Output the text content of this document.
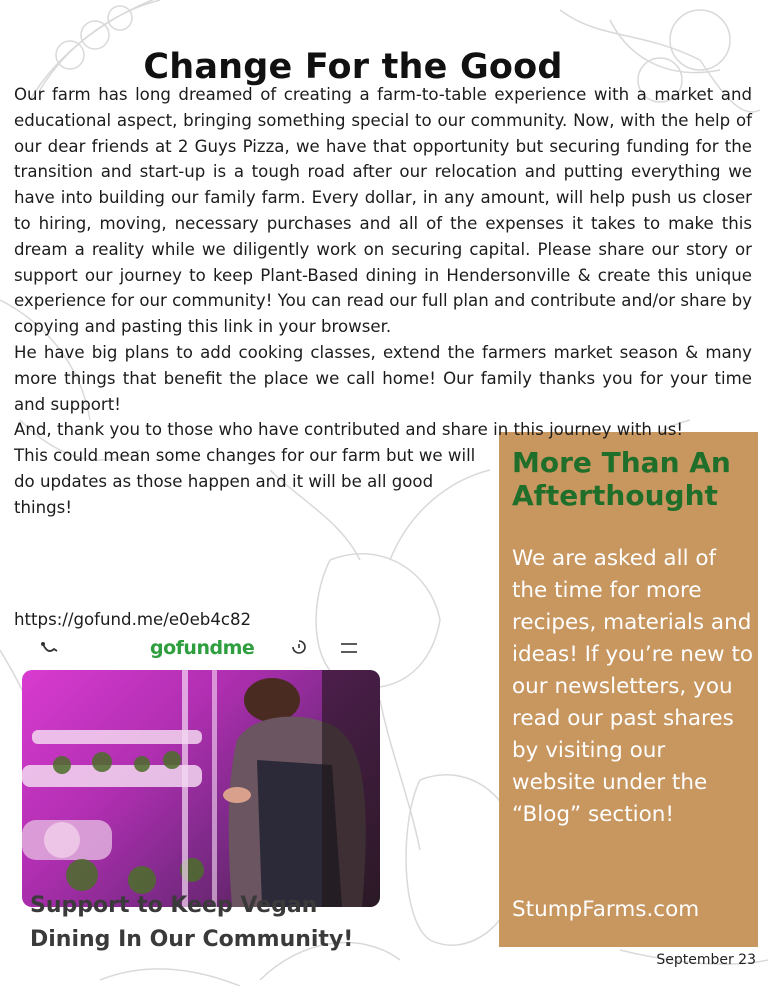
Change For the Good

Our farm has long dreamed of creating a farm-to-table experience with a market and educational aspect, bringing something special to our community. Now, with the help of our dear friends at 2 Guys Pizza, we have that opportunity but securing funding for the transition and start-up is a tough road after our relocation and putting everything we have into building our family farm. Every dollar, in any amount, will help push us closer to hiring, moving, necessary purchases and all of the expenses it takes to make this dream a reality while we diligently work on securing capital. Please share our story or support our journey to keep Plant-Based dining in Hendersonville & create this unique experience for our community! You can read our full plan and contribute and/or share by copying and pasting this link in your browser.

He have big plans to add cooking classes, extend the farmers market season & many more things that benefit the place we call home! Our family thanks you for your time and support!

And, thank you to those who have contributed and share in this journey with us!

This could mean some changes for our farm but we will do updates as those happen and it will be all good things!

https://gofund.me/e0eb4c82
gofundme
Support to Keep Vegan Dining In Our Community!
More Than An Afterthought
We are asked all of the time for more recipes, materials and ideas! If you’re new to our newsletters, you read our past shares by visiting our website under the “Blog” section!
StumpFarms.com
September 23
